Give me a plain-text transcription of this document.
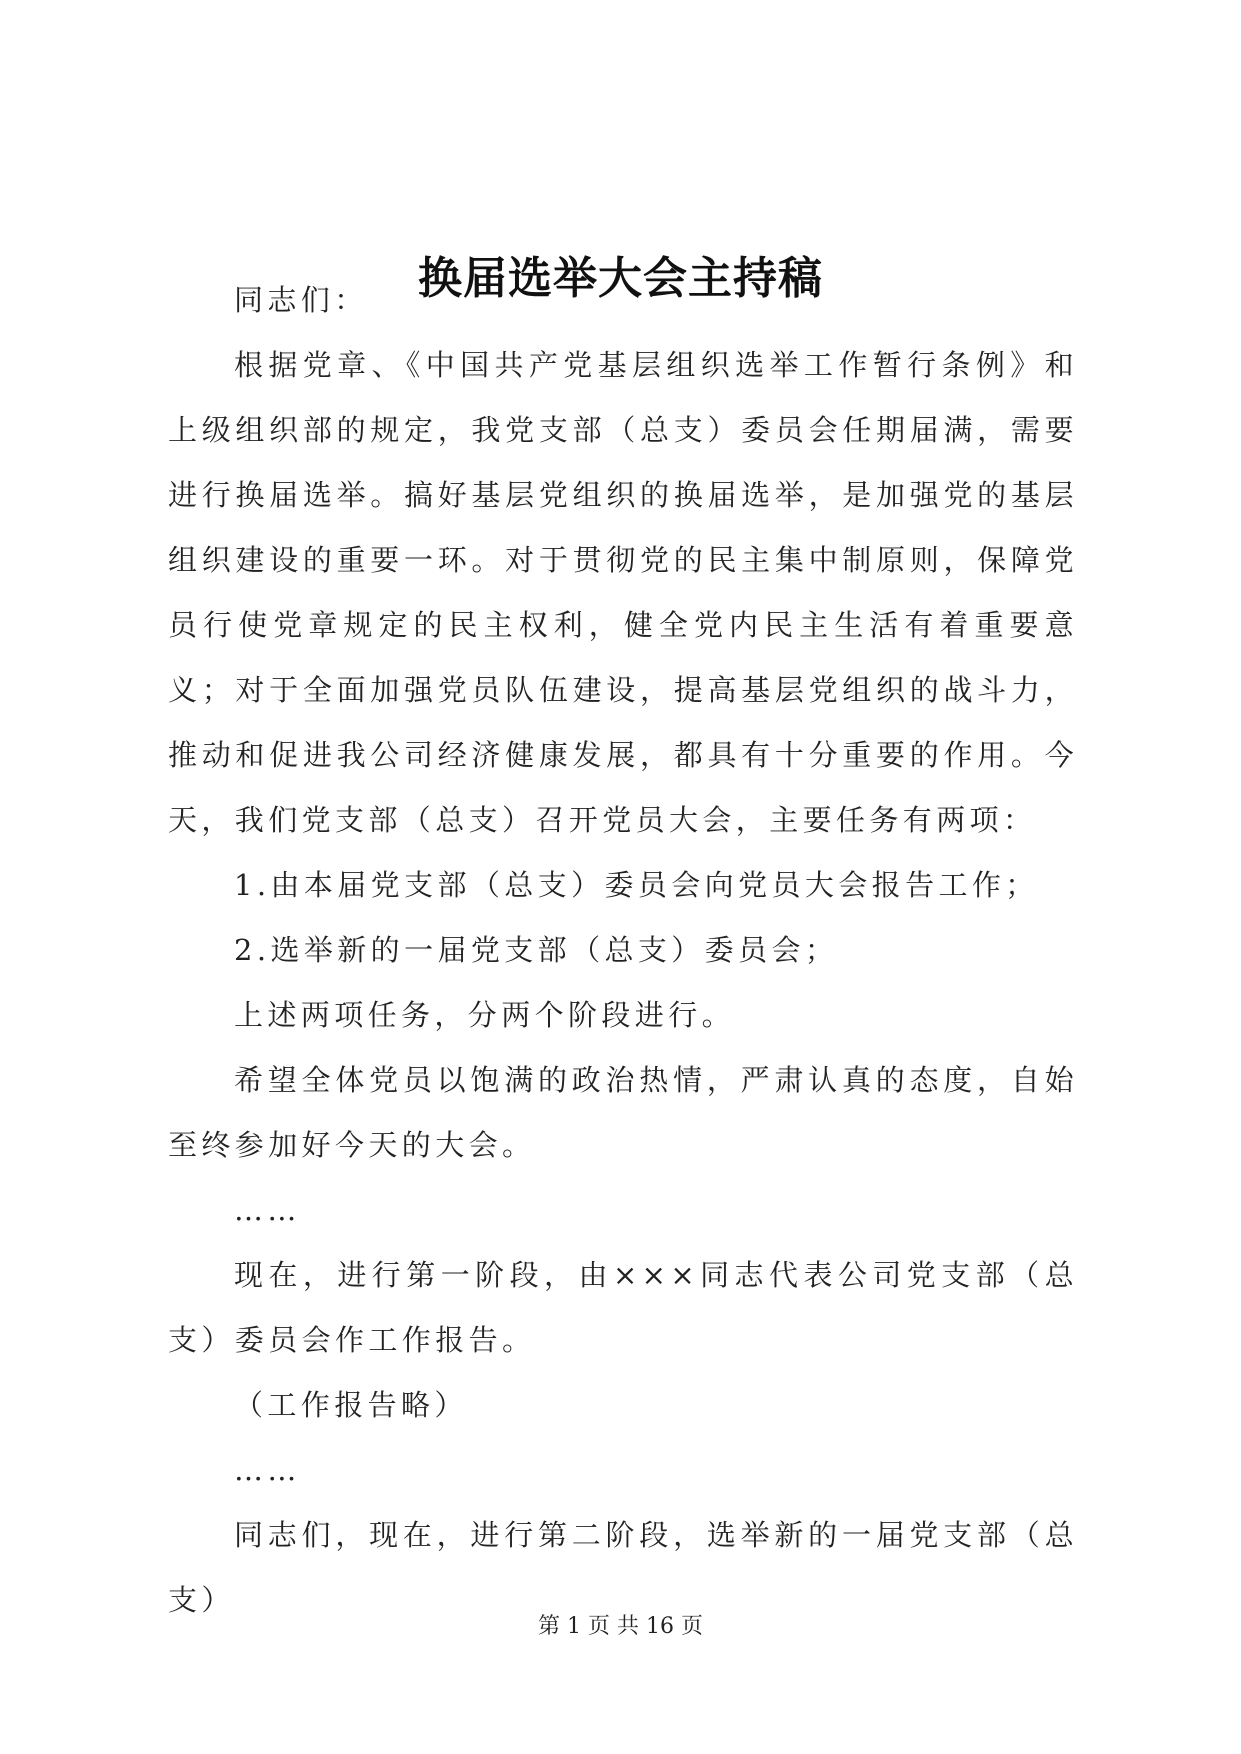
换届选举大会主持稿

同志们：

根据党章、《中国共产党基层组织选举工作暂行条例》和上级组织部的规定，我党支部（总支）委员会任期届满，需要进行换届选举。搞好基层党组织的换届选举，是加强党的基层组织建设的重要一环。对于贯彻党的民主集中制原则，保障党员行使党章规定的民主权利，健全党内民主生活有着重要意义；对于全面加强党员队伍建设，提高基层党组织的战斗力，推动和促进我公司经济健康发展，都具有十分重要的作用。今天，我们党支部（总支）召开党员大会，主要任务有两项：

1.由本届党支部（总支）委员会向党员大会报告工作；

2.选举新的一届党支部（总支）委员会；

上述两项任务，分两个阶段进行。

希望全体党员以饱满的政治热情，严肃认真的态度，自始至终参加好今天的大会。

……

现在，进行第一阶段，由×××同志代表公司党支部（总支）委员会作工作报告。

（工作报告略）

……

同志们，现在，进行第二阶段，选举新的一届党支部（总支）

第 1 页 共 16 页
